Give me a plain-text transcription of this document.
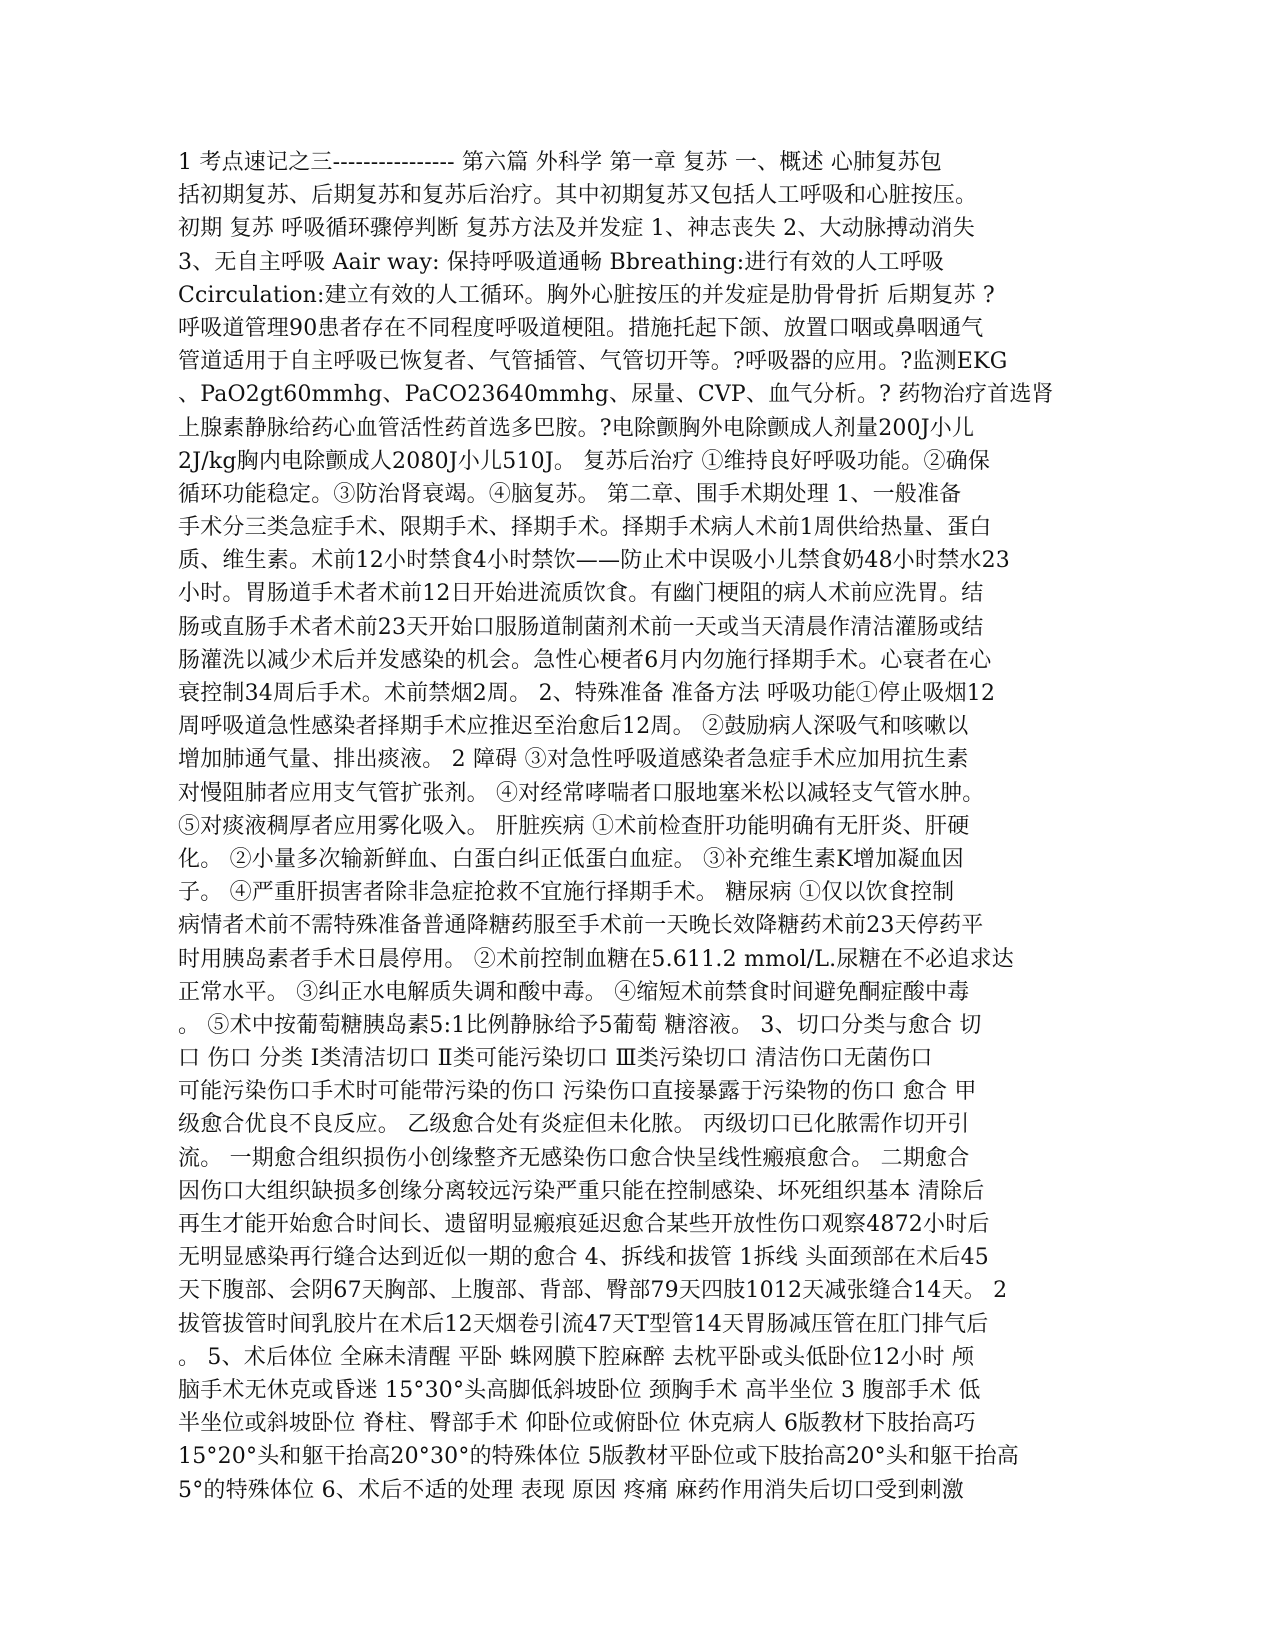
1 考点速记之三---------------- 第六篇 外科学 第一章 复苏 一、概述 心肺复苏包
括初期复苏、后期复苏和复苏后治疗。其中初期复苏又包括人工呼吸和心脏按压。
初期 复苏 呼吸循环骤停判断 复苏方法及并发症 1、神志丧失 2、大动脉搏动消失
3、无自主呼吸 Aair way: 保持呼吸道通畅 Bbreathing:进行有效的人工呼吸
Ccirculation:建立有效的人工循环。胸外心脏按压的并发症是肋骨骨折 后期复苏 ?
呼吸道管理90患者存在不同程度呼吸道梗阻。措施托起下颌、放置口咽或鼻咽通气
管道适用于自主呼吸已恢复者、气管插管、气管切开等。?呼吸器的应用。?监测EKG
、PaO2gt60mmhg、PaCO23640mmhg、尿量、CVP、血气分析。? 药物治疗首选肾
上腺素静脉给药心血管活性药首选多巴胺。?电除颤胸外电除颤成人剂量200J小儿
2J/kg胸内电除颤成人2080J小儿510J。 复苏后治疗 ①维持良好呼吸功能。②确保
循环功能稳定。③防治肾衰竭。④脑复苏。 第二章、围手术期处理 1、一般准备
手术分三类急症手术、限期手术、择期手术。择期手术病人术前1周供给热量、蛋白
质、维生素。术前12小时禁食4小时禁饮——防止术中误吸小儿禁食奶48小时禁水23
小时。胃肠道手术者术前12日开始进流质饮食。有幽门梗阻的病人术前应洗胃。结
肠或直肠手术者术前23天开始口服肠道制菌剂术前一天或当天清晨作清洁灌肠或结
肠灌洗以减少术后并发感染的机会。急性心梗者6月内勿施行择期手术。心衰者在心
衰控制34周后手术。术前禁烟2周。 2、特殊准备 准备方法 呼吸功能①停止吸烟12
周呼吸道急性感染者择期手术应推迟至治愈后12周。 ②鼓励病人深吸气和咳嗽以
增加肺通气量、排出痰液。 2 障碍 ③对急性呼吸道感染者急症手术应加用抗生素
对慢阻肺者应用支气管扩张剂。 ④对经常哮喘者口服地塞米松以减轻支气管水肿。
⑤对痰液稠厚者应用雾化吸入。 肝脏疾病 ①术前检查肝功能明确有无肝炎、肝硬
化。 ②小量多次输新鲜血、白蛋白纠正低蛋白血症。 ③补充维生素K增加凝血因
子。 ④严重肝损害者除非急症抢救不宜施行择期手术。 糖尿病 ①仅以饮食控制
病情者术前不需特殊准备普通降糖药服至手术前一天晚长效降糖药术前23天停药平
时用胰岛素者手术日晨停用。 ②术前控制血糖在5.611.2 mmol/L.尿糖在不必追求达
正常水平。 ③纠正水电解质失调和酸中毒。 ④缩短术前禁食时间避免酮症酸中毒
。 ⑤术中按葡萄糖胰岛素5:1比例静脉给予5葡萄 糖溶液。 3、切口分类与愈合 切
口 伤口 分类 I类清洁切口 Ⅱ类可能污染切口 Ⅲ类污染切口 清洁伤口无菌伤口
可能污染伤口手术时可能带污染的伤口 污染伤口直接暴露于污染物的伤口 愈合 甲
级愈合优良不良反应。 乙级愈合处有炎症但未化脓。 丙级切口已化脓需作切开引
流。 一期愈合组织损伤小创缘整齐无感染伤口愈合快呈线性瘢痕愈合。 二期愈合
因伤口大组织缺损多创缘分离较远污染严重只能在控制感染、坏死组织基本 清除后
再生才能开始愈合时间长、遗留明显瘢痕延迟愈合某些开放性伤口观察4872小时后
无明显感染再行缝合达到近似一期的愈合 4、拆线和拔管 1拆线 头面颈部在术后45
天下腹部、会阴67天胸部、上腹部、背部、臀部79天四肢1012天减张缝合14天。 2
拔管拔管时间乳胶片在术后12天烟卷引流47天T型管14天胃肠减压管在肛门排气后
。 5、术后体位 全麻未清醒 平卧 蛛网膜下腔麻醉 去枕平卧或头低卧位12小时 颅
脑手术无休克或昏迷 15°30°头高脚低斜坡卧位 颈胸手术 高半坐位 3 腹部手术 低
半坐位或斜坡卧位 脊柱、臀部手术 仰卧位或俯卧位 休克病人 6版教材下肢抬高巧
15°20°头和躯干抬高20°30°的特殊体位 5版教材平卧位或下肢抬高20°头和躯干抬高
5°的特殊体位 6、术后不适的处理 表现 原因 疼痛 麻药作用消失后切口受到刺激
